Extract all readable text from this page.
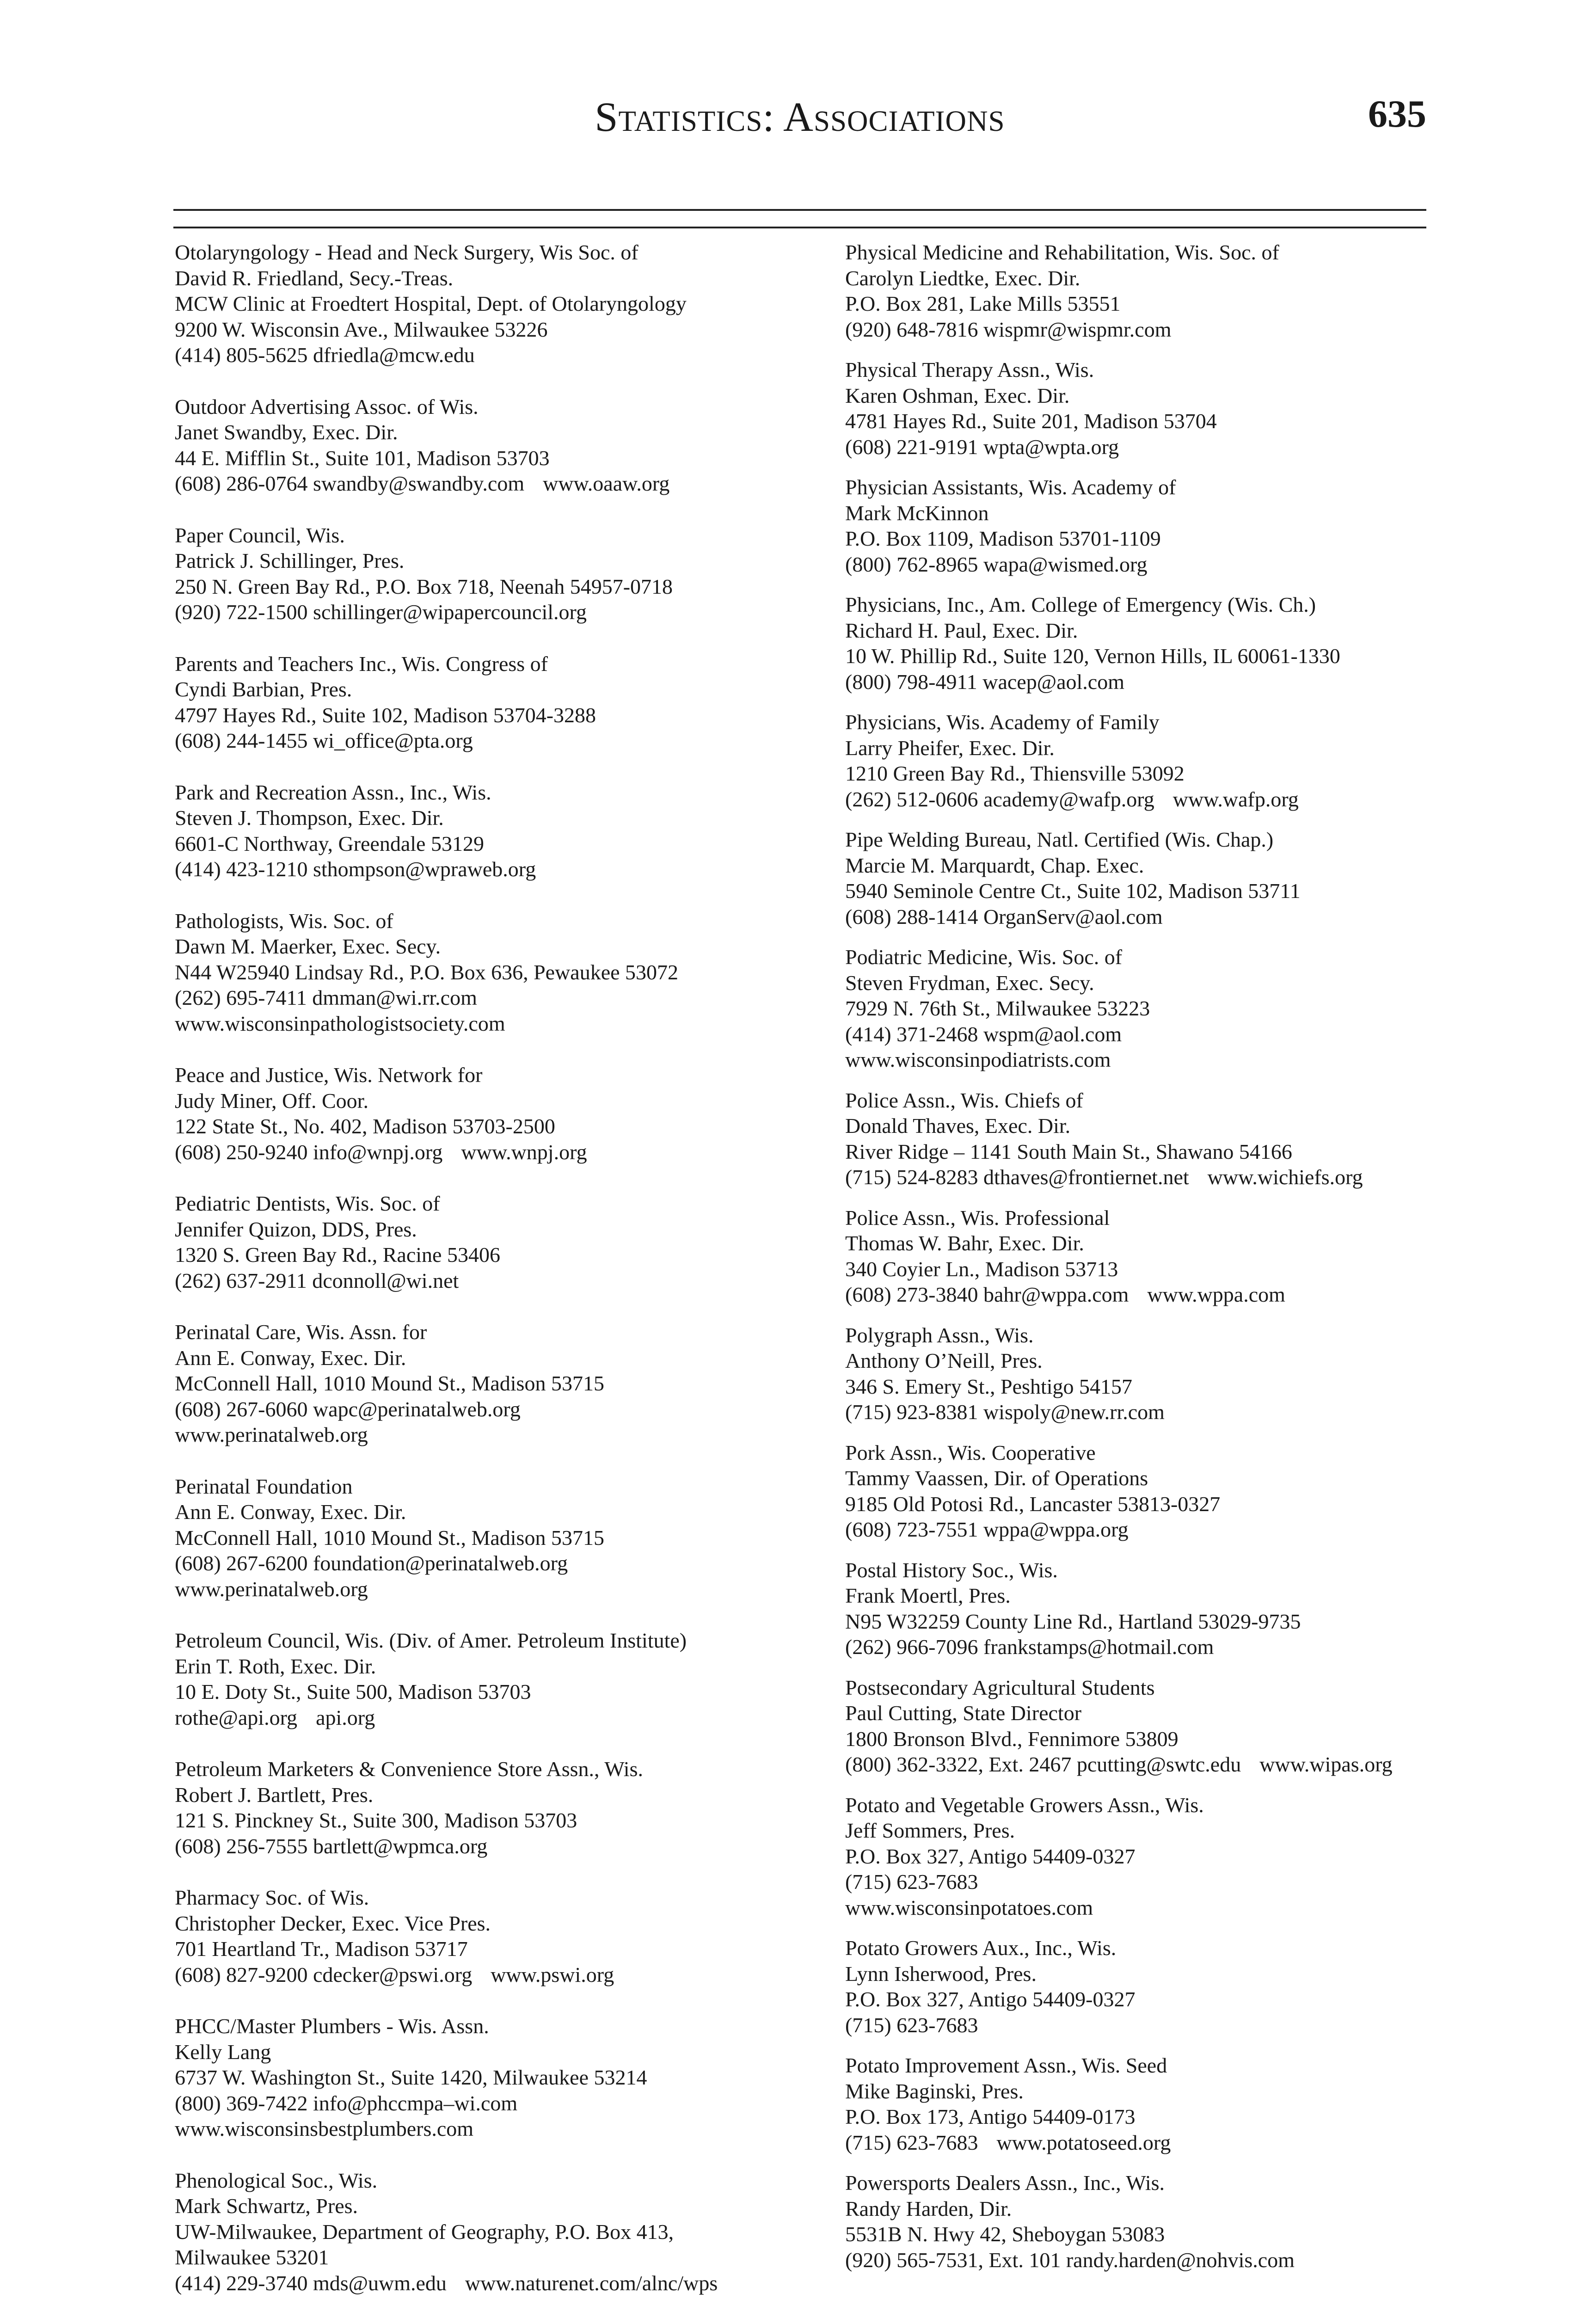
Statistics: Associations	635
Otolaryngology - Head and Neck Surgery, Wis Soc. of
David R. Friedland, Secy.-Treas.
MCW Clinic at Froedtert Hospital, Dept. of Otolaryngology
9200 W. Wisconsin Ave., Milwaukee 53226
(414) 805-5625 dfriedla@mcw.edu
Outdoor Advertising Assoc. of Wis.
Janet Swandby, Exec. Dir.
44 E. Mifflin St., Suite 101, Madison 53703
(608) 286-0764 swandby@swandby.com www.oaaw.org
Paper Council, Wis.
Patrick J. Schillinger, Pres.
250 N. Green Bay Rd., P.O. Box 718, Neenah 54957-0718
(920) 722-1500 schillinger@wipapercouncil.org
Parents and Teachers Inc., Wis. Congress of
Cyndi Barbian, Pres.
4797 Hayes Rd., Suite 102, Madison 53704-3288
(608) 244-1455 wi_office@pta.org
Park and Recreation Assn., Inc., Wis.
Steven J. Thompson, Exec. Dir.
6601-C Northway, Greendale 53129
(414) 423-1210 sthompson@wpraweb.org
Pathologists, Wis. Soc. of
Dawn M. Maerker, Exec. Secy.
N44 W25940 Lindsay Rd., P.O. Box 636, Pewaukee 53072
(262) 695-7411 dmman@wi.rr.com
www.wisconsinpathologistsociety.com
Peace and Justice, Wis. Network for
Judy Miner, Off. Coor.
122 State St., No. 402, Madison 53703-2500
(608) 250-9240 info@wnpj.org www.wnpj.org
Pediatric Dentists, Wis. Soc. of
Jennifer Quizon, DDS, Pres.
1320 S. Green Bay Rd., Racine 53406
(262) 637-2911 dconnoll@wi.net
Perinatal Care, Wis. Assn. for
Ann E. Conway, Exec. Dir.
McConnell Hall, 1010 Mound St., Madison 53715
(608) 267-6060 wapc@perinatalweb.org
www.perinatalweb.org
Perinatal Foundation
Ann E. Conway, Exec. Dir.
McConnell Hall, 1010 Mound St., Madison 53715
(608) 267-6200 foundation@perinatalweb.org
www.perinatalweb.org
Petroleum Council, Wis. (Div. of Amer. Petroleum Institute)
Erin T. Roth, Exec. Dir.
10 E. Doty St., Suite 500, Madison 53703
rothe@api.org api.org
Petroleum Marketers & Convenience Store Assn., Wis.
Robert J. Bartlett, Pres.
121 S. Pinckney St., Suite 300, Madison 53703
(608) 256-7555 bartlett@wpmca.org
Pharmacy Soc. of Wis.
Christopher Decker, Exec. Vice Pres.
701 Heartland Tr., Madison 53717
(608) 827-9200 cdecker@pswi.org www.pswi.org
PHCC/Master Plumbers - Wis. Assn.
Kelly Lang
6737 W. Washington St., Suite 1420, Milwaukee 53214
(800) 369-7422 info@phccmpa–wi.com
www.wisconsinsbestplumbers.com
Phenological Soc., Wis.
Mark Schwartz, Pres.
UW-Milwaukee, Department of Geography, P.O. Box 413,
Milwaukee 53201
(414) 229-3740 mds@uwm.edu www.naturenet.com/alnc/wps
Physical Medicine and Rehabilitation, Wis. Soc. of
Carolyn Liedtke, Exec. Dir.
P.O. Box 281, Lake Mills 53551
(920) 648-7816 wispmr@wispmr.com
Physical Therapy Assn., Wis.
Karen Oshman, Exec. Dir.
4781 Hayes Rd., Suite 201, Madison 53704
(608) 221-9191 wpta@wpta.org
Physician Assistants, Wis. Academy of
Mark McKinnon
P.O. Box 1109, Madison 53701-1109
(800) 762-8965 wapa@wismed.org
Physicians, Inc., Am. College of Emergency (Wis. Ch.)
Richard H. Paul, Exec. Dir.
10 W. Phillip Rd., Suite 120, Vernon Hills, IL 60061-1330
(800) 798-4911 wacep@aol.com
Physicians, Wis. Academy of Family
Larry Pheifer, Exec. Dir.
1210 Green Bay Rd., Thiensville 53092
(262) 512-0606 academy@wafp.org www.wafp.org
Pipe Welding Bureau, Natl. Certified (Wis. Chap.)
Marcie M. Marquardt, Chap. Exec.
5940 Seminole Centre Ct., Suite 102, Madison 53711
(608) 288-1414 OrganServ@aol.com
Podiatric Medicine, Wis. Soc. of
Steven Frydman, Exec. Secy.
7929 N. 76th St., Milwaukee 53223
(414) 371-2468 wspm@aol.com
www.wisconsinpodiatrists.com
Police Assn., Wis. Chiefs of
Donald Thaves, Exec. Dir.
River Ridge – 1141 South Main St., Shawano 54166
(715) 524-8283 dthaves@frontiernet.net www.wichiefs.org
Police Assn., Wis. Professional
Thomas W. Bahr, Exec. Dir.
340 Coyier Ln., Madison 53713
(608) 273-3840 bahr@wppa.com www.wppa.com
Polygraph Assn., Wis.
Anthony O’Neill, Pres.
346 S. Emery St., Peshtigo 54157
(715) 923-8381 wispoly@new.rr.com
Pork Assn., Wis. Cooperative
Tammy Vaassen, Dir. of Operations
9185 Old Potosi Rd., Lancaster 53813-0327
(608) 723-7551 wppa@wppa.org
Postal History Soc., Wis.
Frank Moertl, Pres.
N95 W32259 County Line Rd., Hartland 53029-9735
(262) 966-7096 frankstamps@hotmail.com
Postsecondary Agricultural Students
Paul Cutting, State Director
1800 Bronson Blvd., Fennimore 53809
(800) 362-3322, Ext. 2467 pcutting@swtc.edu www.wipas.org
Potato and Vegetable Growers Assn., Wis.
Jeff Sommers, Pres.
P.O. Box 327, Antigo 54409-0327
(715) 623-7683
www.wisconsinpotatoes.com
Potato Growers Aux., Inc., Wis.
Lynn Isherwood, Pres.
P.O. Box 327, Antigo 54409-0327
(715) 623-7683
Potato Improvement Assn., Wis. Seed
Mike Baginski, Pres.
P.O. Box 173, Antigo 54409-0173
(715) 623-7683 www.potatoseed.org
Powersports Dealers Assn., Inc., Wis.
Randy Harden, Dir.
5531B N. Hwy 42, Sheboygan 53083
(920) 565-7531, Ext. 101 randy.harden@nohvis.com
